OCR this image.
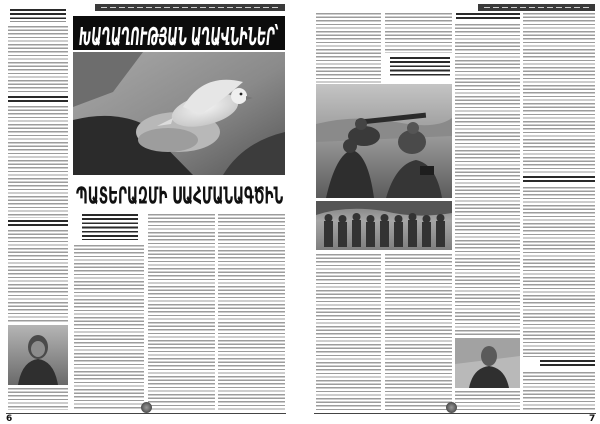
ԽԱՂԱՂՈՒԹՅԱՆ ԱՂԱՎՆԻՆԵՐ՝
ՊԱՏԵՐԱԶՄԻ ՍԱՀՄԱՆԱԳԾԻՆ
6	7
